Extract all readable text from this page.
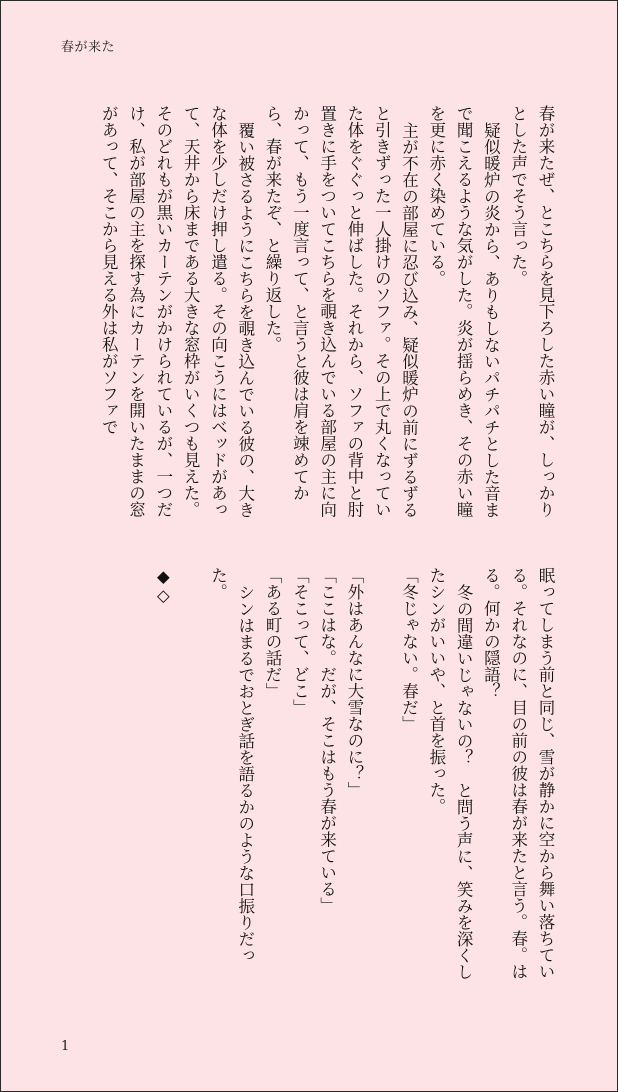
春が来た

春が来たぜ、とこちらを見下ろした赤い瞳が、しっかりとした声でそう言った。

疑似暖炉の炎から、ありもしないパチパチとした音まで聞こえるような気がした。炎が揺らめき、その赤い瞳を更に赤く染めている。

主が不在の部屋に忍び込み、疑似暖炉の前にずるずると引きずった一人掛けのソファ。その上で丸くなっていた体をぐぐっと伸ばした。それから、ソファの背中と肘置きに手をついてこちらを覗き込んでいる部屋の主に向かって、もう一度言って、と言うと彼は肩を竦めてから、春が来たぞ、と繰り返した。

覆い被さるようにこちらを覗き込んでいる彼の、大きな体を少しだけ押し遣る。その向こうにはベッドがあって、天井から床まである大きな窓枠がいくつも見えた。そのどれもが黒いカーテンがかけられているが、一つだけ、私が部屋の主を探す為にカーテンを開いたままの窓があって、そこから見える外は私がソファで

眠ってしまう前と同じ、雪が静かに空から舞い落ちている。それなのに、目の前の彼は春が来たと言う。春。はる。何かの隠語？

冬の間違いじゃないの？　と問う声に、笑みを深くしたシンがいいや、と首を振った。

「冬じゃない。春だ」

「外はあんなに大雪なのに？」

「ここはな。だが、そこはもう春が来ている」

「そこって、どこ」

「ある町の話だ」

シンはまるでおとぎ話を語るかのような口振りだった。

◆◇

1
